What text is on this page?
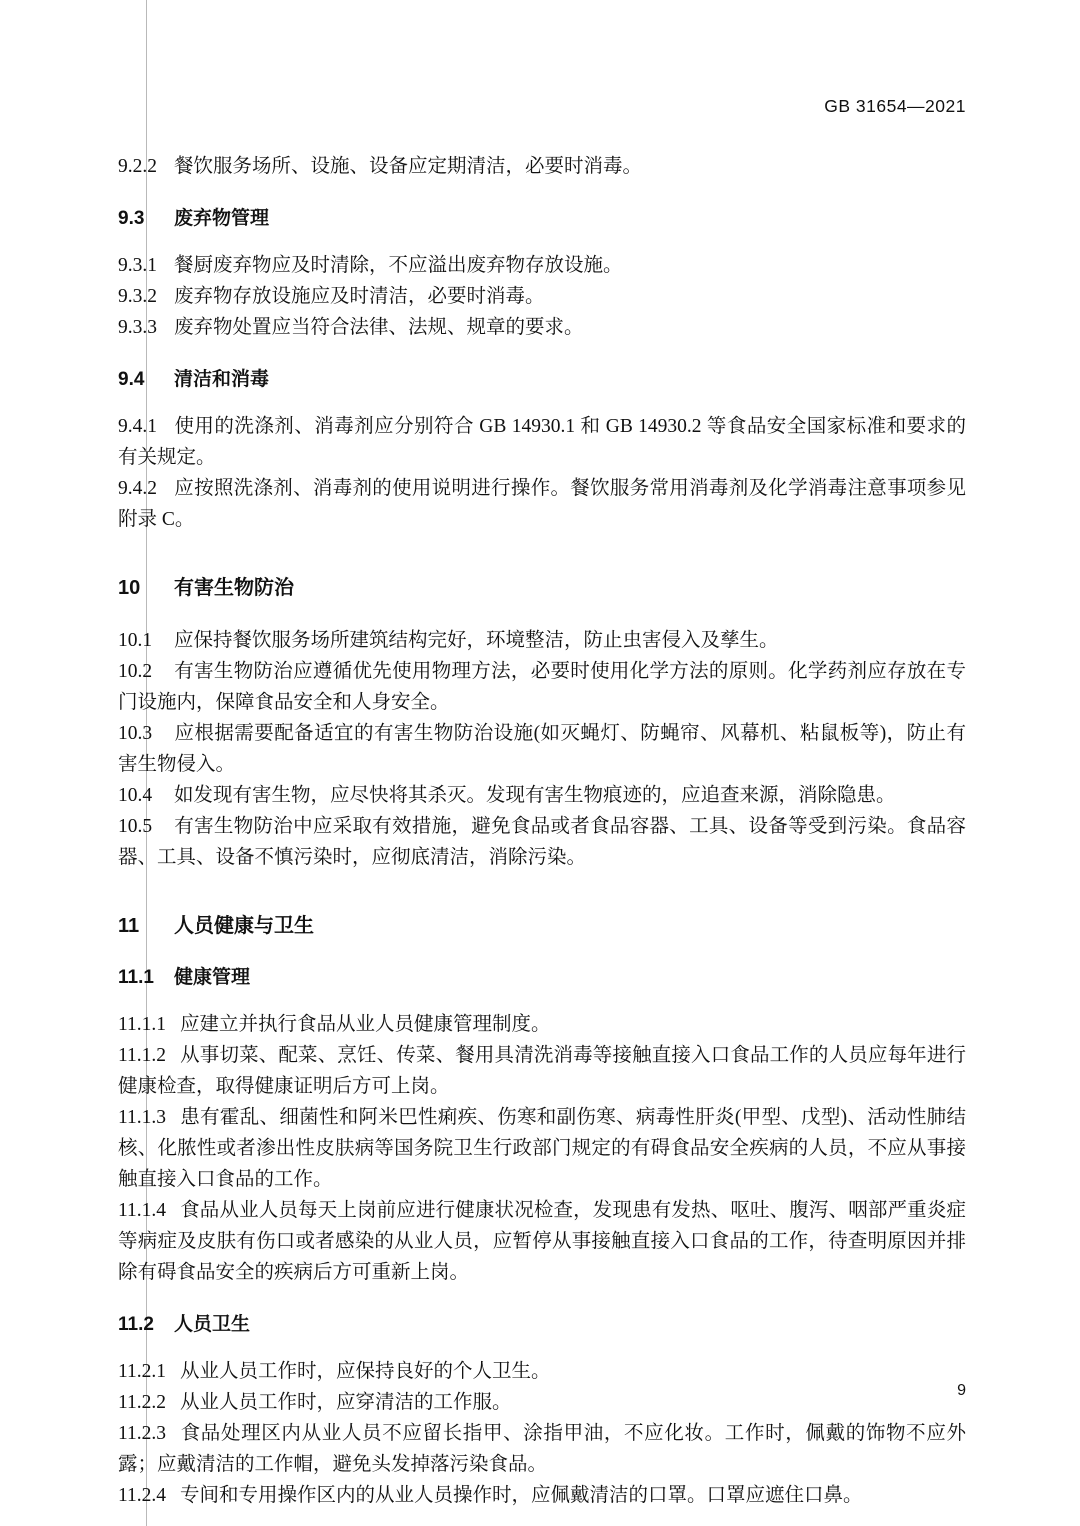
GB 31654—2021
9.2.2 餐饮服务场所、设施、设备应定期清洁，必要时消毒。
9.3 废弃物管理
9.3.1 餐厨废弃物应及时清除，不应溢出废弃物存放设施。
9.3.2 废弃物存放设施应及时清洁，必要时消毒。
9.3.3 废弃物处置应当符合法律、法规、规章的要求。
9.4 清洁和消毒
9.4.1 使用的洗涤剂、消毒剂应分别符合 GB 14930.1 和 GB 14930.2 等食品安全国家标准和要求的有关规定。
9.4.2 应按照洗涤剂、消毒剂的使用说明进行操作。餐饮服务常用消毒剂及化学消毒注意事项参见附录 C。
10 有害生物防治
10.1 应保持餐饮服务场所建筑结构完好，环境整洁，防止虫害侵入及孳生。
10.2 有害生物防治应遵循优先使用物理方法，必要时使用化学方法的原则。化学药剂应存放在专门设施内，保障食品安全和人身安全。
10.3 应根据需要配备适宜的有害生物防治设施(如灭蝇灯、防蝇帘、风幕机、粘鼠板等)，防止有害生物侵入。
10.4 如发现有害生物，应尽快将其杀灭。发现有害生物痕迹的，应追查来源，消除隐患。
10.5 有害生物防治中应采取有效措施，避免食品或者食品容器、工具、设备等受到污染。食品容器、工具、设备不慎污染时，应彻底清洁，消除污染。
11 人员健康与卫生
11.1 健康管理
11.1.1 应建立并执行食品从业人员健康管理制度。
11.1.2 从事切菜、配菜、烹饪、传菜、餐用具清洗消毒等接触直接入口食品工作的人员应每年进行健康检查，取得健康证明后方可上岗。
11.1.3 患有霍乱、细菌性和阿米巴性痢疾、伤寒和副伤寒、病毒性肝炎(甲型、戊型)、活动性肺结核、化脓性或者渗出性皮肤病等国务院卫生行政部门规定的有碍食品安全疾病的人员，不应从事接触直接入口食品的工作。
11.1.4 食品从业人员每天上岗前应进行健康状况检查，发现患有发热、呕吐、腹泻、咽部严重炎症等病症及皮肤有伤口或者感染的从业人员，应暂停从事接触直接入口食品的工作，待查明原因并排除有碍食品安全的疾病后方可重新上岗。
11.2 人员卫生
11.2.1 从业人员工作时，应保持良好的个人卫生。
11.2.2 从业人员工作时，应穿清洁的工作服。
11.2.3 食品处理区内从业人员不应留长指甲、涂指甲油，不应化妆。工作时，佩戴的饰物不应外露；应戴清洁的工作帽，避免头发掉落污染食品。
11.2.4 专间和专用操作区内的从业人员操作时，应佩戴清洁的口罩。口罩应遮住口鼻。
9
